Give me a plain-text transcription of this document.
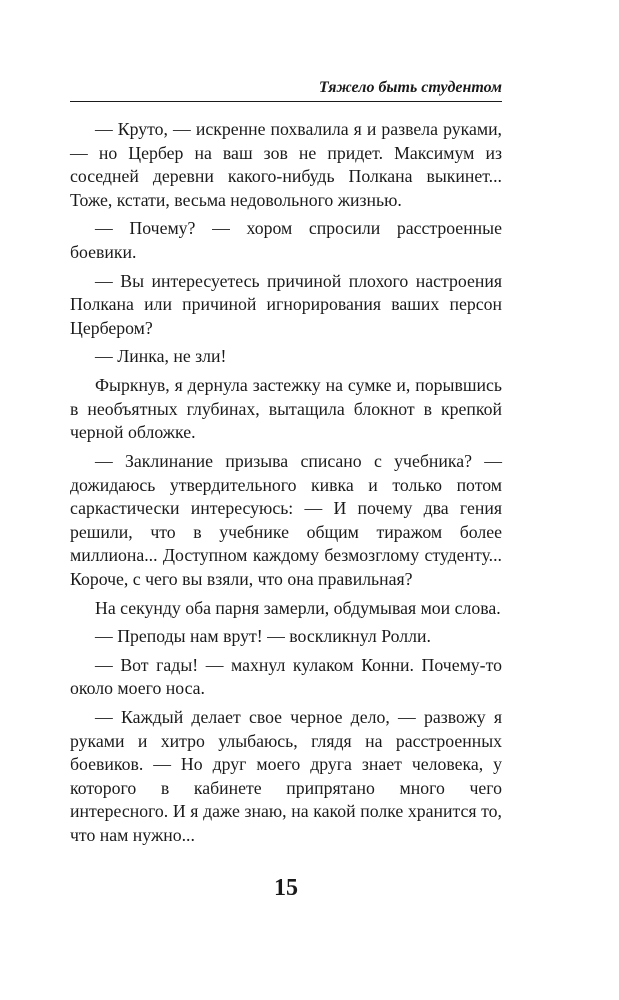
Тяжело быть студентом

— Круто, — искренне похвалила я и развела руками, — но Цербер на ваш зов не придет. Максимум из соседней деревни какого-нибудь Полкана выкинет... Тоже, кстати, весьма недовольного жизнью.

— Почему? — хором спросили расстроенные боевики.

— Вы интересуетесь причиной плохого настроения Полкана или причиной игнорирования ваших персон Цербером?

— Линка, не зли!

Фыркнув, я дернула застежку на сумке и, порывшись в необъятных глубинах, вытащила блокнот в крепкой черной обложке.

— Заклинание призыва списано с учебника? — дожидаюсь утвердительного кивка и только потом саркастически интересуюсь: — И почему два гения решили, что в учебнике общим тиражом более миллиона... Доступном каждому безмозглому студенту... Короче, с чего вы взяли, что она правильная?

На секунду оба парня замерли, обдумывая мои слова.

— Преподы нам врут! — воскликнул Ролли.

— Вот гады! — махнул кулаком Конни. Почему-то около моего носа.

— Каждый делает свое черное дело, — развожу я руками и хитро улыбаюсь, глядя на расстроенных боевиков. — Но друг моего друга знает человека, у которого в кабинете припрятано много чего интересного. И я даже знаю, на какой полке хранится то, что нам нужно...

15
